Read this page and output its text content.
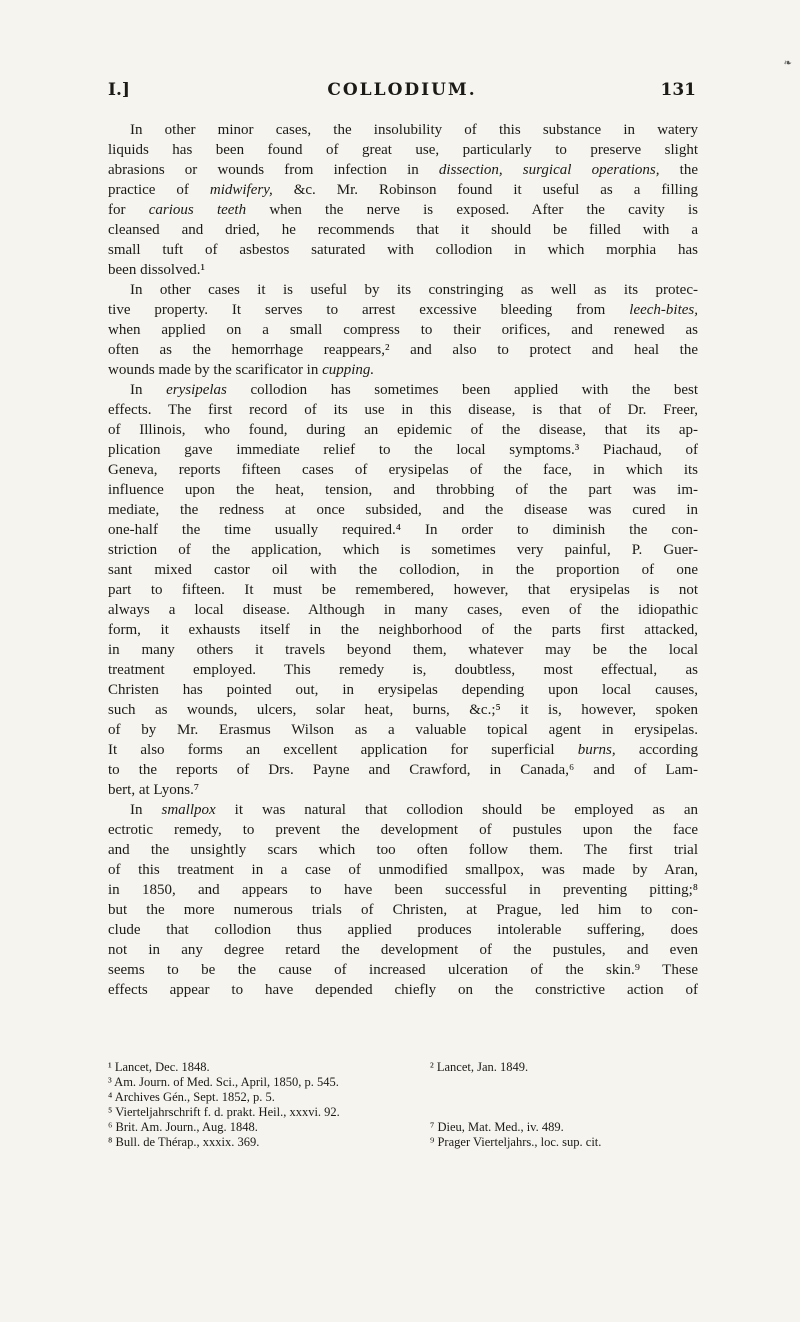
❧
I.]	COLLODIUM.	131
In other minor cases, the insolubility of this substance in watery
liquids has been found of great use, particularly to preserve slight
abrasions or wounds from infection in dissection, surgical operations, the
practice of midwifery, &c. Mr. Robinson found it useful as a filling
for carious teeth when the nerve is exposed. After the cavity is
cleansed and dried, he recommends that it should be filled with a
small tuft of asbestos saturated with collodion in which morphia has
been dissolved.¹
In other cases it is useful by its constringing as well as its protec-
tive property. It serves to arrest excessive bleeding from leech-bites,
when applied on a small compress to their orifices, and renewed as
often as the hemorrhage reappears,² and also to protect and heal the
wounds made by the scarificator in cupping.
In erysipelas collodion has sometimes been applied with the best
effects. The first record of its use in this disease, is that of Dr. Freer,
of Illinois, who found, during an epidemic of the disease, that its ap-
plication gave immediate relief to the local symptoms.³ Piachaud, of
Geneva, reports fifteen cases of erysipelas of the face, in which its
influence upon the heat, tension, and throbbing of the part was im-
mediate, the redness at once subsided, and the disease was cured in
one-half the time usually required.⁴ In order to diminish the con-
striction of the application, which is sometimes very painful, P. Guer-
sant mixed castor oil with the collodion, in the proportion of one
part to fifteen. It must be remembered, however, that erysipelas is not
always a local disease. Although in many cases, even of the idiopathic
form, it exhausts itself in the neighborhood of the parts first attacked,
in many others it travels beyond them, whatever may be the local
treatment employed. This remedy is, doubtless, most effectual, as
Christen has pointed out, in erysipelas depending upon local causes,
such as wounds, ulcers, solar heat, burns, &c.;⁵ it is, however, spoken
of by Mr. Erasmus Wilson as a valuable topical agent in erysipelas.
It also forms an excellent application for superficial burns, according
to the reports of Drs. Payne and Crawford, in Canada,⁶ and of Lam-
bert, at Lyons.⁷
In smallpox it was natural that collodion should be employed as an
ectrotic remedy, to prevent the development of pustules upon the face
and the unsightly scars which too often follow them. The first trial
of this treatment in a case of unmodified smallpox, was made by Aran,
in 1850, and appears to have been successful in preventing pitting;⁸
but the more numerous trials of Christen, at Prague, led him to con-
clude that collodion thus applied produces intolerable suffering, does
not in any degree retard the development of the pustules, and even
seems to be the cause of increased ulceration of the skin.⁹ These
effects appear to have depended chiefly on the constrictive action of
¹ Lancet, Dec. 1848.	² Lancet, Jan. 1849.
³ Am. Journ. of Med. Sci., April, 1850, p. 545.
⁴ Archives Gén., Sept. 1852, p. 5.
⁵ Vierteljahrschrift f. d. prakt. Heil., xxxvi. 92.
⁶ Brit. Am. Journ., Aug. 1848.	⁷ Dieu, Mat. Med., iv. 489.
⁸ Bull. de Thérap., xxxix. 369.	⁹ Prager Vierteljahrs., loc. sup. cit.
